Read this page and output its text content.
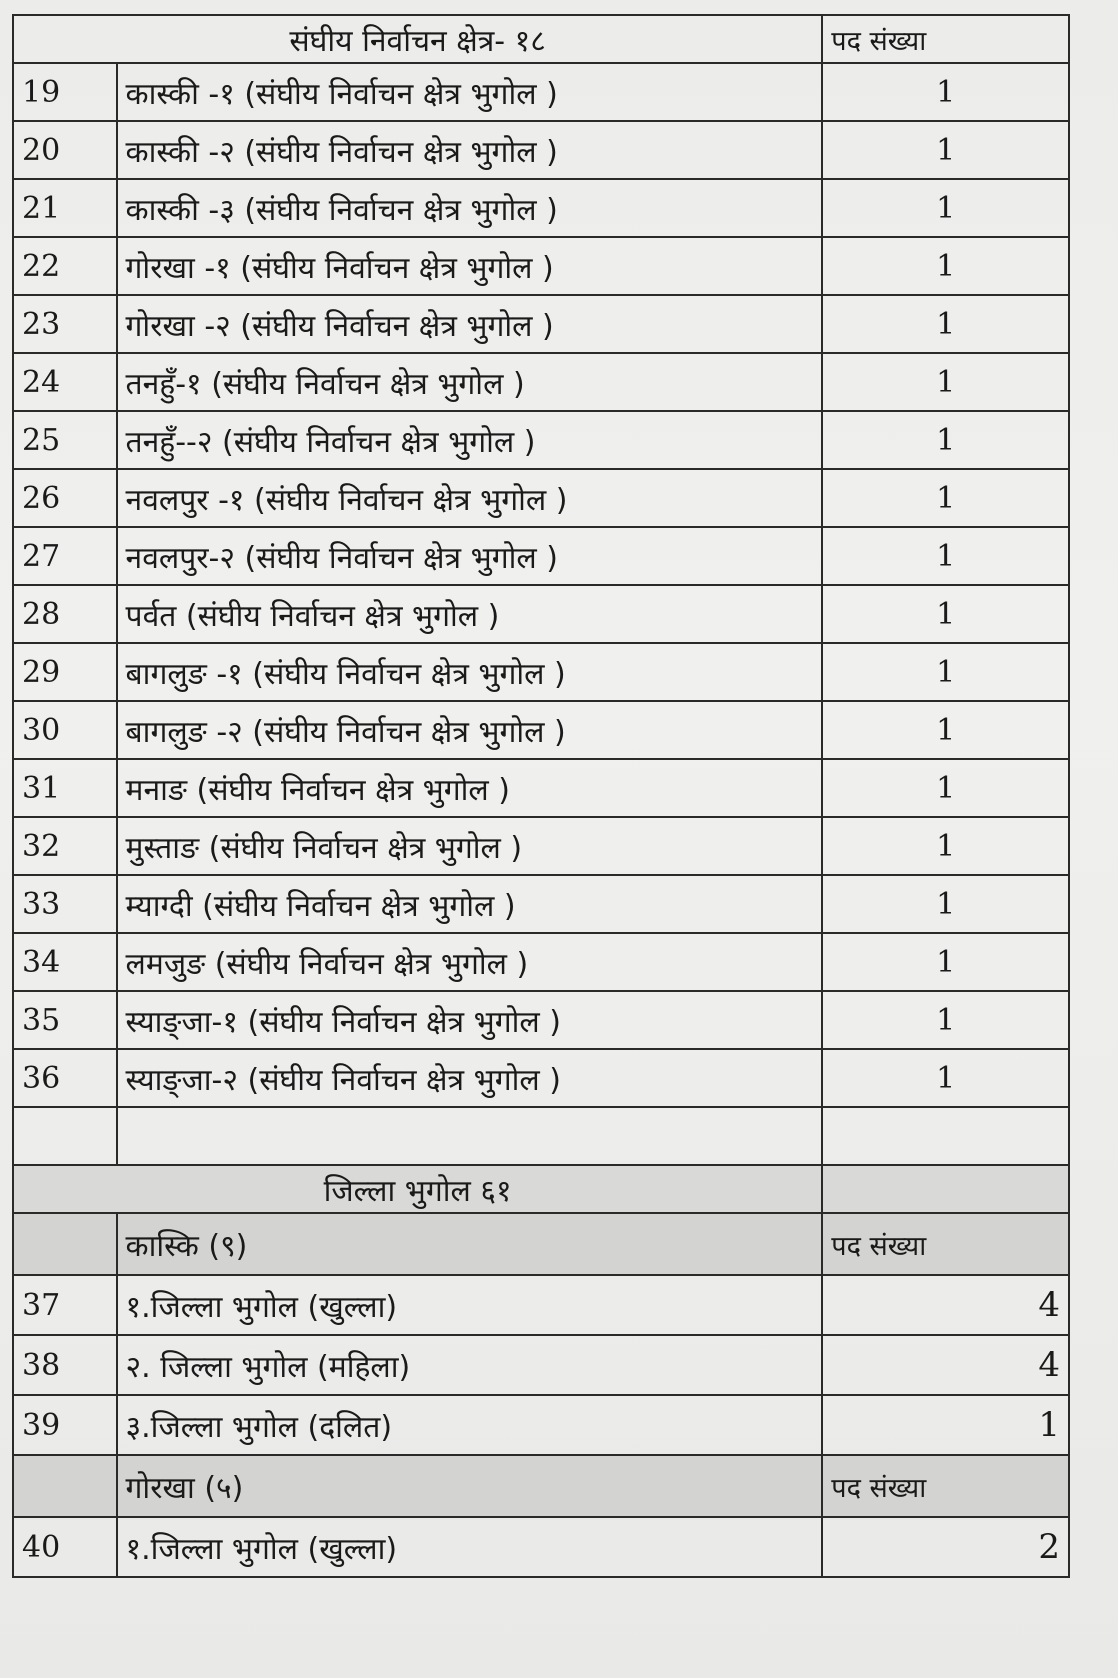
संघीय निर्वाचन क्षेत्र- १८		पद संख्या
19	कास्की -१ (संघीय निर्वाचन क्षेत्र भुगोल )	1
20	कास्की -२ (संघीय निर्वाचन क्षेत्र भुगोल )	1
21	कास्की -३ (संघीय निर्वाचन क्षेत्र भुगोल )	1
22	गोरखा -१ (संघीय निर्वाचन क्षेत्र भुगोल )	1
23	गोरखा -२ (संघीय निर्वाचन क्षेत्र भुगोल )	1
24	तनहुँ-१ (संघीय निर्वाचन क्षेत्र भुगोल )	1
25	तनहुँ--२ (संघीय निर्वाचन क्षेत्र भुगोल )	1
26	नवलपुर -१ (संघीय निर्वाचन क्षेत्र भुगोल )	1
27	नवलपुर-२ (संघीय निर्वाचन क्षेत्र भुगोल )	1
28	पर्वत (संघीय निर्वाचन क्षेत्र भुगोल )	1
29	बागलुङ -१ (संघीय निर्वाचन क्षेत्र भुगोल )	1
30	बागलुङ -२ (संघीय निर्वाचन क्षेत्र भुगोल )	1
31	मनाङ (संघीय निर्वाचन क्षेत्र भुगोल )	1
32	मुस्ताङ (संघीय निर्वाचन क्षेत्र भुगोल )	1
33	म्याग्दी (संघीय निर्वाचन क्षेत्र भुगोल )	1
34	लमजुङ (संघीय निर्वाचन क्षेत्र भुगोल )	1
35	स्याङ्जा-१ (संघीय निर्वाचन क्षेत्र भुगोल )	1
36	स्याङ्जा-२ (संघीय निर्वाचन क्षेत्र भुगोल )	1

जिल्ला भुगोल ६१		
	कास्कि (९)	पद संख्या
37	१.जिल्ला भुगोल (खुल्ला)	4
38	२. जिल्ला भुगोल (महिला)	4
39	३.जिल्ला भुगोल (दलित)	1
	गोरखा (५)	पद संख्या
40	१.जिल्ला भुगोल (खुल्ला)	2
